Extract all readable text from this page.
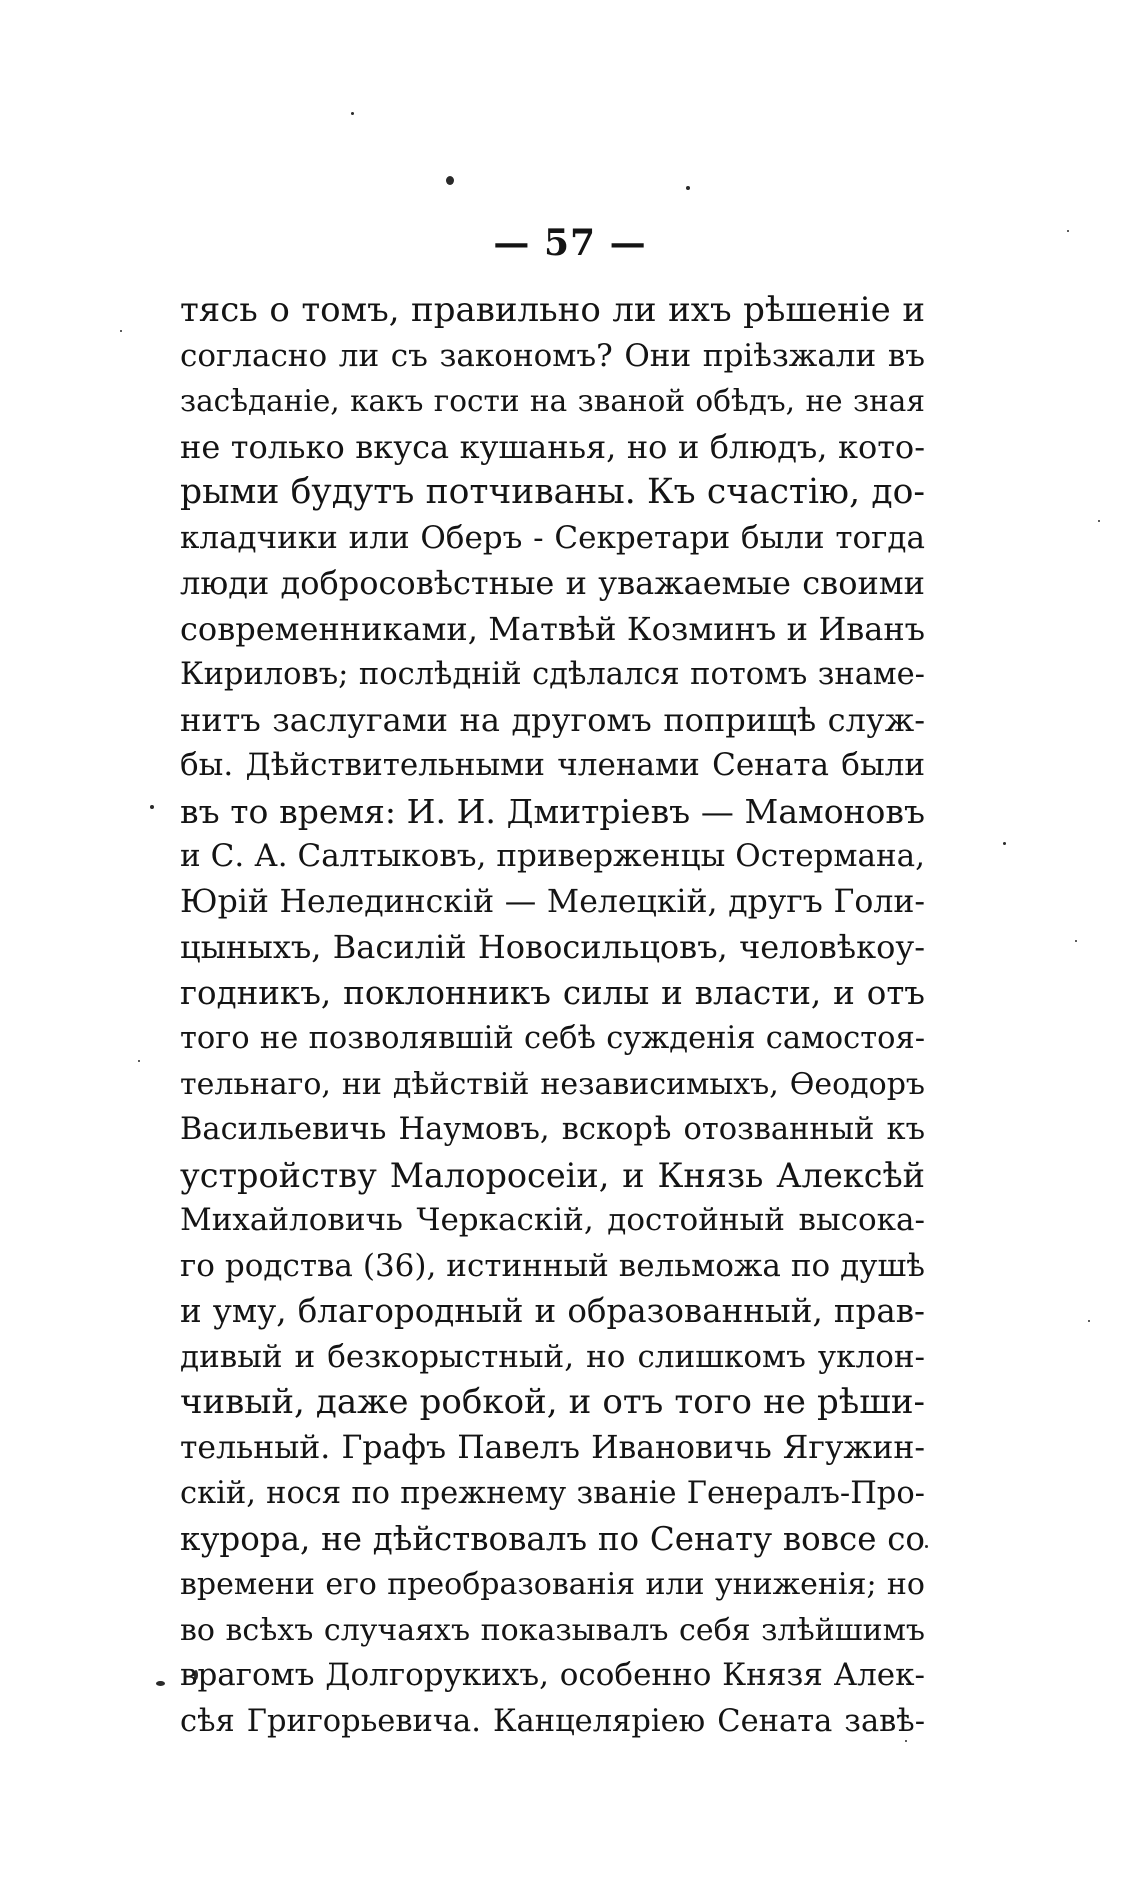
— 57 —
тясь о томъ, правильно ли ихъ рѣшеніе и
согласно ли съ закономъ? Они пріѣзжали въ
засѣданіе, какъ гости на званой обѣдъ, не зная
не только вкуса кушанья, но и блюдъ, кото-
рыми будутъ потчиваны. Къ счастію, до-
кладчики или Оберъ - Секретари были тогда
люди добросовѣстные и уважаемые своими
современниками, Матвѣй Козминъ и Иванъ
Кириловъ; послѣдній сдѣлался потомъ знаме-
нитъ заслугами на другомъ поприщѣ служ-
бы. Дѣйствительными членами Сената были
въ то время: И. И. Дмитріевъ — Мамоновъ
и С. А. Салтыковъ, приверженцы Остермана,
Юрій Нелединскій — Мелецкій, другъ Голи-
цыныхъ, Василій Новосильцовъ, человѣкоу-
годникъ, поклонникъ силы и власти, и отъ
того не позволявшій себѣ сужденія самостоя-
тельнаго, ни дѣйствій независимыхъ, Ѳеодоръ
Васильевичь Наумовъ, вскорѣ отозванный къ
устройству Малоросеіи, и Князь Алексѣй
Михайловичь Черкаскій, достойный высока-
го родства (36), истинный вельможа по душѣ
и уму, благородный и образованный, прав-
дивый и безкорыстный, но слишкомъ уклон-
чивый, даже робкой, и отъ того не рѣши-
тельный. Графъ Павелъ Ивановичь Ягужин-
скій, нося по прежнему званіе Генералъ-Про-
курора, не дѣйствовалъ по Сенату вовсе со
времени его преобразованія или униженія; но
во всѣхъ случаяхъ показывалъ себя злѣйшимъ
врагомъ Долгорукихъ, особенно Князя Алек-
сѣя Григорьевича. Канцеляріею Сената завѣ-
